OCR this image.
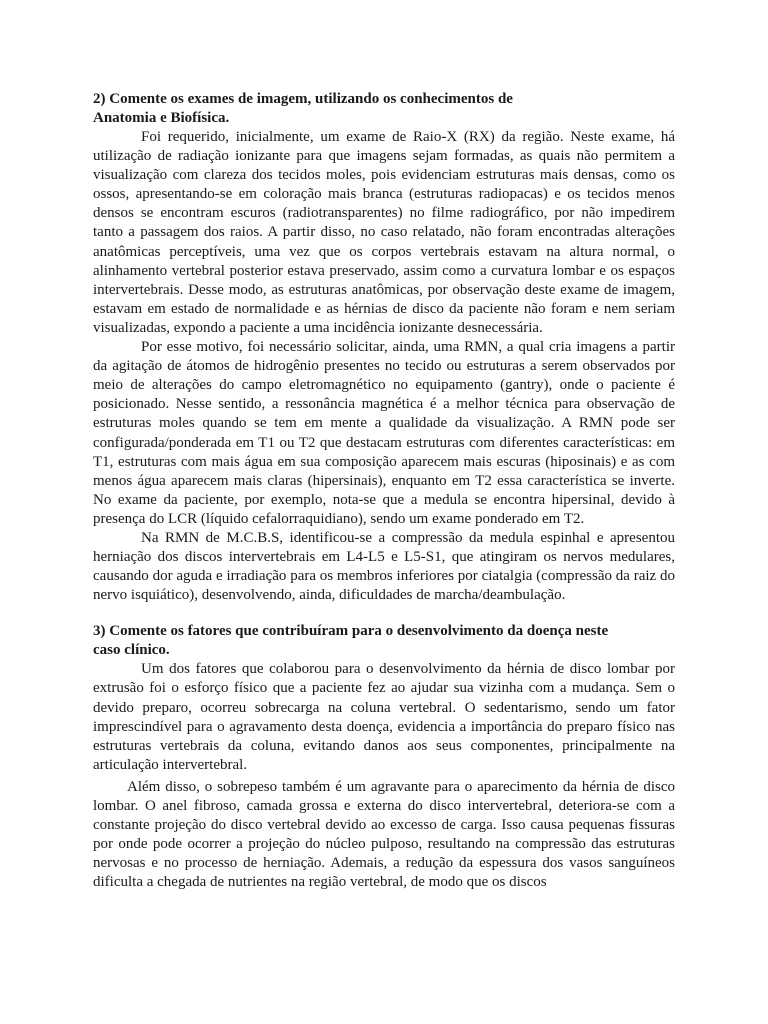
2) Comente os exames de imagem, utilizando os conhecimentos de
Anatomia e Biofísica.

Foi requerido, inicialmente, um exame de Raio-X (RX) da região. Neste exame, há utilização de radiação ionizante para que imagens sejam formadas, as quais não permitem a visualização com clareza dos tecidos moles, pois evidenciam estruturas mais densas, como os ossos, apresentando-se em coloração mais branca (estruturas radiopacas) e os tecidos menos densos se encontram escuros (radiotransparentes) no filme radiográfico, por não impedirem tanto a passagem dos raios. A partir disso, no caso relatado, não foram encontradas alterações anatômicas perceptíveis, uma vez que os corpos vertebrais estavam na altura normal, o alinhamento vertebral posterior estava preservado, assim como a curvatura lombar e os espaços intervertebrais. Desse modo, as estruturas anatômicas, por observação deste exame de imagem, estavam em estado de normalidade e as hérnias de disco da paciente não foram e nem seriam visualizadas, expondo a paciente a uma incidência ionizante desnecessária.

Por esse motivo, foi necessário solicitar, ainda, uma RMN, a qual cria imagens a partir da agitação de átomos de hidrogênio presentes no tecido ou estruturas a serem observados por meio de alterações do campo eletromagnético no equipamento (gantry), onde o paciente é posicionado. Nesse sentido, a ressonância magnética é a melhor técnica para observação de estruturas moles quando se tem em mente a qualidade da visualização. A RMN pode ser configurada/ponderada em T1 ou T2 que destacam estruturas com diferentes características: em T1, estruturas com mais água em sua composição aparecem mais escuras (hiposinais) e as com menos água aparecem mais claras (hipersinais), enquanto em T2 essa característica se inverte. No exame da paciente, por exemplo, nota-se que a medula se encontra hipersinal, devido à presença do LCR (líquido cefalorraquidiano), sendo um exame ponderado em T2.

Na RMN de M.C.B.S, identificou-se a compressão da medula espinhal e apresentou herniação dos discos intervertebrais em L4-L5 e L5-S1, que atingiram os nervos medulares, causando dor aguda e irradiação para os membros inferiores por ciatalgia (compressão da raiz do nervo isquiático), desenvolvendo, ainda, dificuldades de marcha/deambulação.

3) Comente os fatores que contribuíram para o desenvolvimento da doença neste
caso clínico.

Um dos fatores que colaborou para o desenvolvimento da hérnia de disco lombar por extrusão foi o esforço físico que a paciente fez ao ajudar sua vizinha com a mudança. Sem o devido preparo, ocorreu sobrecarga na coluna vertebral. O sedentarismo, sendo um fator imprescindível para o agravamento desta doença, evidencia a importância do preparo físico nas estruturas vertebrais da coluna, evitando danos aos seus componentes, principalmente na articulação intervertebral.

Além disso, o sobrepeso também é um agravante para o aparecimento da hérnia de disco lombar. O anel fibroso, camada grossa e externa do disco intervertebral, deteriora-se com a constante projeção do disco vertebral devido ao excesso de carga. Isso causa pequenas fissuras por onde pode ocorrer a projeção do núcleo pulposo, resultando na compressão das estruturas nervosas e no processo de herniação. Ademais, a redução da espessura dos vasos sanguíneos dificulta a chegada de nutrientes na região vertebral, de modo que os discos
